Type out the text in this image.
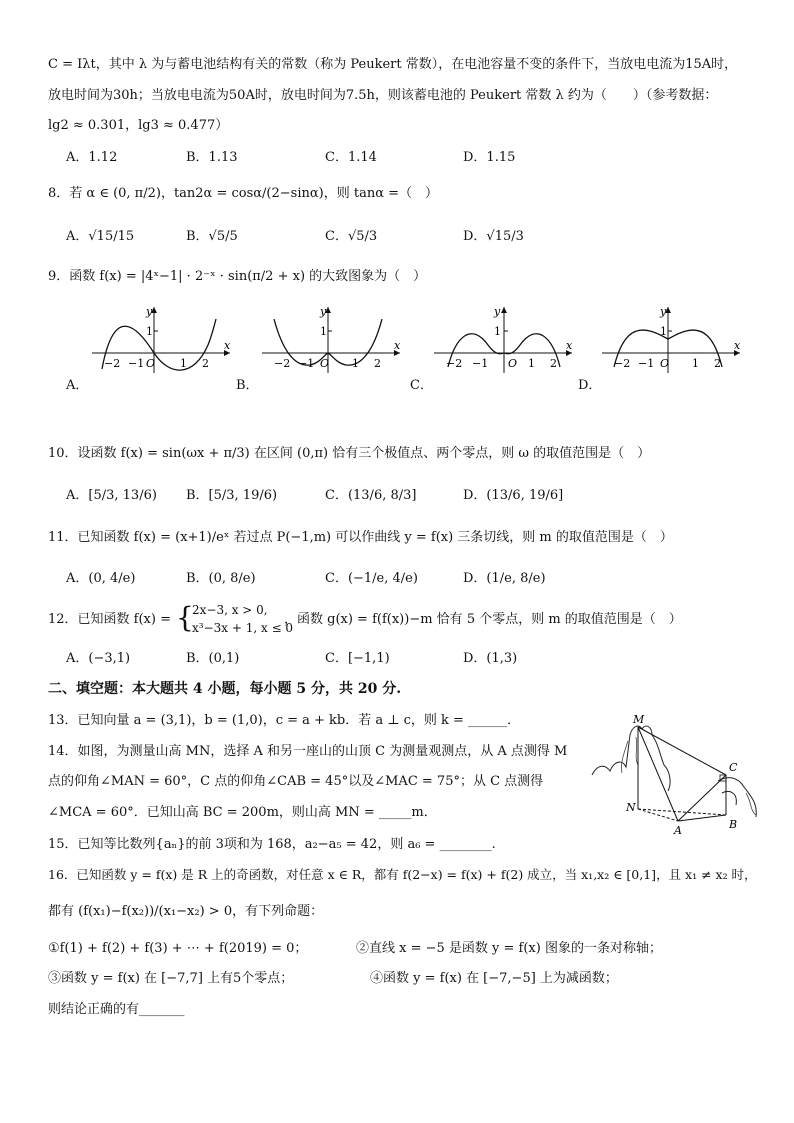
C = Iλt，其中 λ 为与蓄电池结构有关的常数（称为 Peukert 常数），在电池容量不变的条件下，当放电电流为15A时，
放电时间为30h；当放电电流为50A时，放电时间为7.5h，则该蓄电池的 Peukert 常数 λ 约为（　　）（参考数据：
lg2 ≈ 0.301，lg3 ≈ 0.477）
A．1.12	B．1.13	C．1.14	D．1.15
8．若 α ∈ (0, π/2)，tan2α = cosα/(2−sinα)，则 tanα =（　）
A．√15/15	B．√5/5	C．√5/3	D．√15/3
9．函数 f(x) = |4ˣ−1| · 2⁻ˣ · sin(π/2 + x) 的大致图象为（　）
A．	B．	C．	D．
−2 −1 O 1 2
x
y
1
−2 −1 O 1 2
x
y
1
−2 −1 O 1 2
x
y
1
−2 −1 O 1 2
x
y
1
10．设函数 f(x) = sin(ωx + π/3) 在区间 (0,π) 恰有三个极值点、两个零点，则 ω 的取值范围是（　）
A．[5/3, 13/6) B．[5/3, 19/6)	C．(13/6, 8/3]	D．(13/6, 19/6]
11．已知函数 f(x) = (x+1)/eˣ 若过点 P(−1,m) 可以作曲线 y = f(x) 三条切线，则 m 的取值范围是（　）
A．(0, 4/e)	B．(0, 8/e)	C．(−1/e, 4/e)	D．(1/e, 8/e)
12．已知函数 f(x) = {
2x−3, x > 0,
x³−3x + 1, x ≤ 0
，函数 g(x) = f(f(x))−m 恰有 5 个零点，则 m 的取值范围是（　）
A．(−3,1)	B．(0,1)	C．[−1,1)	D．(1,3)
二、填空题：本大题共 4 小题，每小题 5 分，共 20 分.
13．已知向量 a = (3,1)，b = (1,0)，c = a + kb．若 a ⊥ c，则 k = ______．
14．如图，为测量山高 MN，选择 A 和另一座山的山顶 C 为测量观测点，从 A 点测得 M
点的仰角∠MAN = 60°，C 点的仰角∠CAB = 45°以及∠MAC = 75°；从 C 点测得
∠MCA = 60°．已知山高 BC = 200m，则山高 MN = _____m．
M
C
N
A	B
15．已知等比数列{aₙ}的前 3项和为 168，a₂−a₅ = 42，则 a₆ = ________.
16．已知函数 y = f(x) 是 R 上的奇函数，对任意 x ∈ R，都有 f(2−x) = f(x) + f(2) 成立，当 x₁,x₂ ∈ [0,1]，且 x₁ ≠ x₂ 时，
都有 (f(x₁)−f(x₂))/(x₁−x₂) > 0，有下列命题：
①f(1) + f(2) + f(3) + ⋯ + f(2019) = 0；	②直线 x = −5 是函数 y = f(x) 图象的一条对称轴；
③函数 y = f(x) 在 [−7,7] 上有5个零点；	④函数 y = f(x) 在 [−7,−5] 上为减函数；
则结论正确的有_______
